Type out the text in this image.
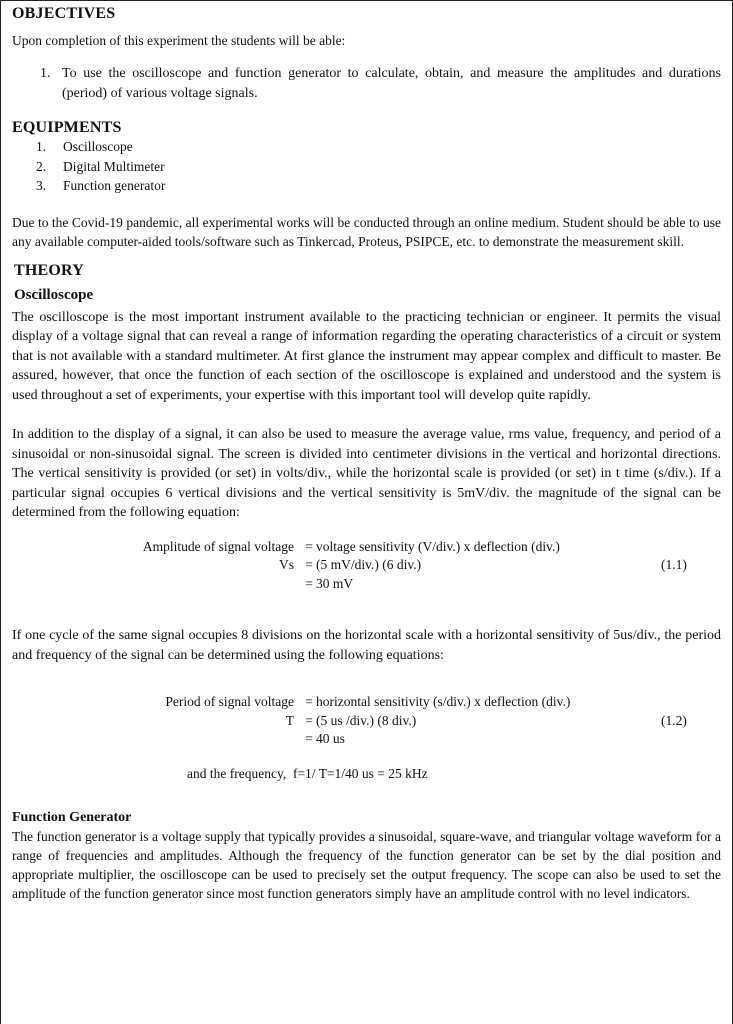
OBJECTIVES

Upon completion of this experiment the students will be able:

1. To use the oscilloscope and function generator to calculate, obtain, and measure the amplitudes and durations (period) of various voltage signals.
EQUIPMENTS
1.	Oscilloscope
2.	Digital Multimeter
3.	Function generator

Due to the Covid-19 pandemic, all experimental works will be conducted through an online medium. Student should be able to use any available computer-aided tools/software such as Tinkercad, Proteus, PSIPCE, etc. to demonstrate the measurement skill.

THEORY
Oscilloscope

The oscilloscope is the most important instrument available to the practicing technician or engineer. It permits the visual display of a voltage signal that can reveal a range of information regarding the operating characteristics of a circuit or system that is not available with a standard multimeter. At first glance the instrument may appear complex and difficult to master. Be assured, however, that once the function of each section of the oscilloscope is explained and understood and the system is used throughout a set of experiments, your expertise with this important tool will develop quite rapidly.

In addition to the display of a signal, it can also be used to measure the average value, rms value, frequency, and period of a sinusoidal or non-sinusoidal signal. The screen is divided into centimeter divisions in the vertical and horizontal directions. The vertical sensitivity is provided (or set) in volts/div., while the horizontal scale is provided (or set) in t time (s/div.). If a particular signal occupies 6 vertical divisions and the vertical sensitivity is 5mV/div. the magnitude of the signal can be determined from the following equation:

Amplitude of signal voltage = voltage sensitivity (V/div.) x deflection (div.)
Vs = (5 mV/div.) (6 div.)	(1.1)
= 30 mV

If one cycle of the same signal occupies 8 divisions on the horizontal scale with a horizontal sensitivity of 5us/div., the period and frequency of the signal can be determined using the following equations:

Period of signal voltage = horizontal sensitivity (s/div.) x deflection (div.)
T = (5 us /div.) (8 div.)	(1.2)
= 40 us
and the frequency,  f=1/ T=1/40 us = 25 kHz
Function Generator

The function generator is a voltage supply that typically provides a sinusoidal, square-wave, and triangular voltage waveform for a range of frequencies and amplitudes. Although the frequency of the function generator can be set by the dial position and appropriate multiplier, the oscilloscope can be used to precisely set the output frequency. The scope can also be used to set the amplitude of the function generator since most function generators simply have an amplitude control with no level indicators.
